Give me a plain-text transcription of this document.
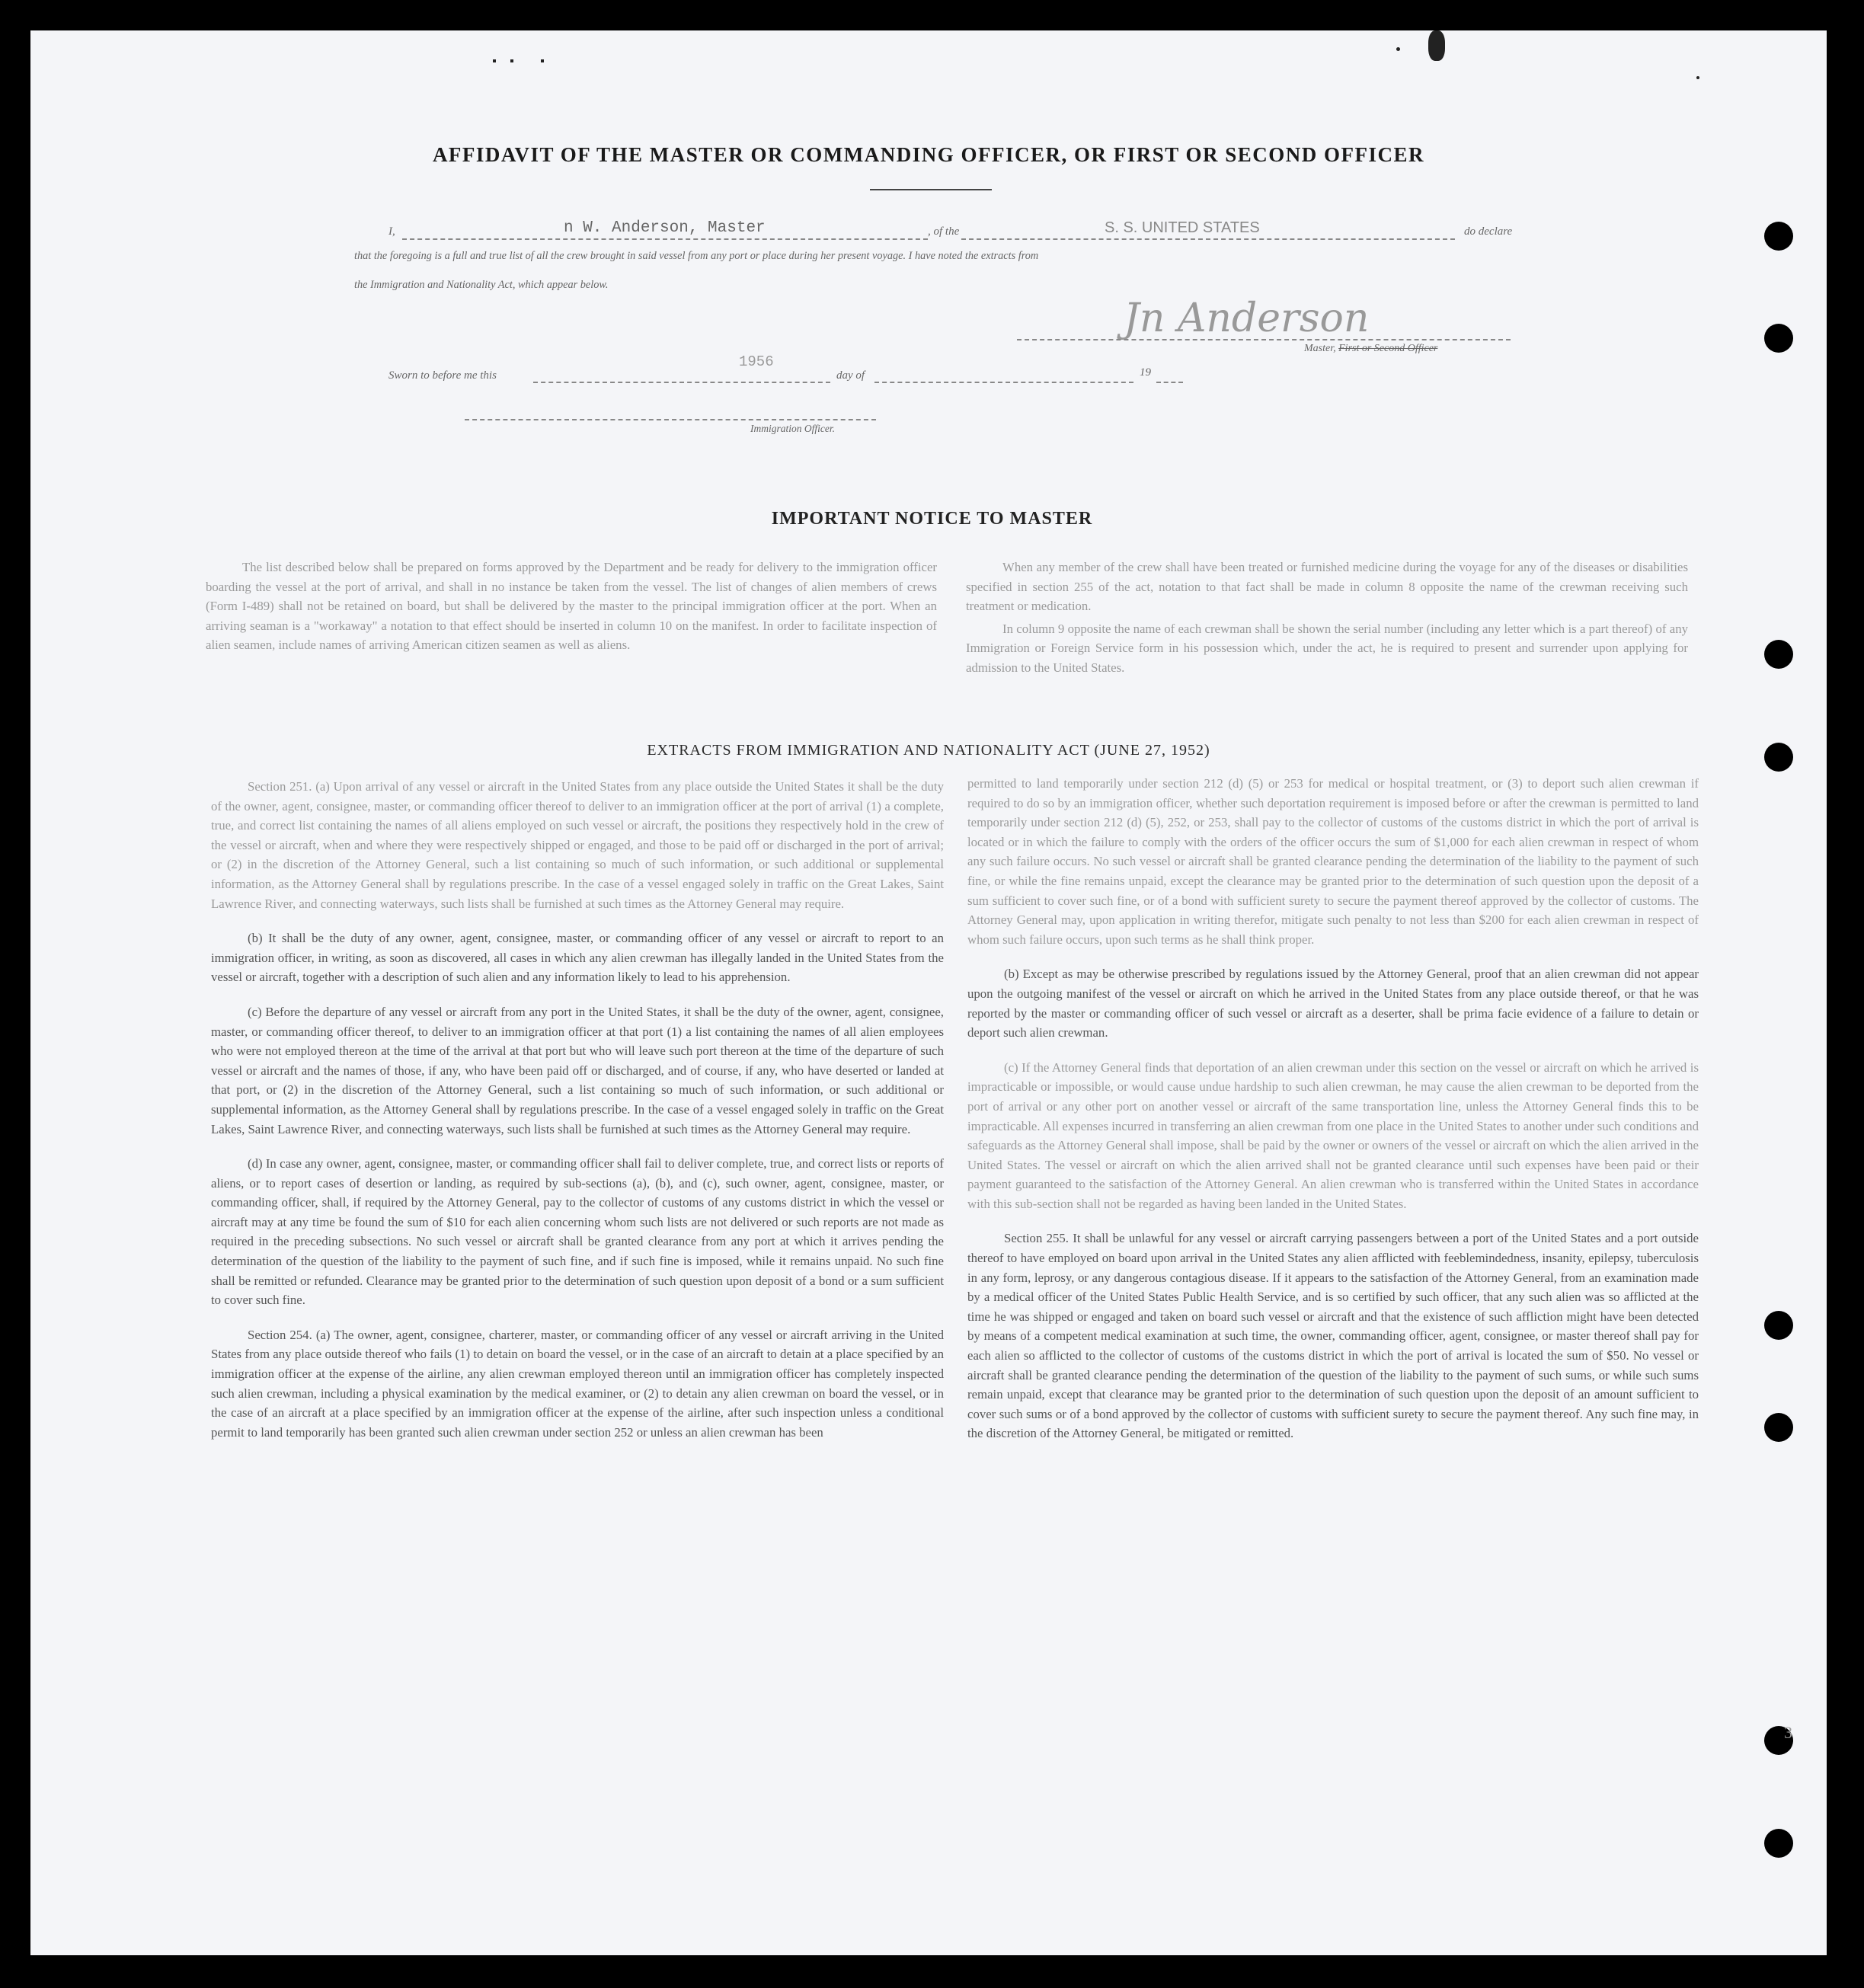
3
AFFIDAVIT OF THE MASTER OR COMMANDING OFFICER, OR FIRST OR SECOND OFFICER
I,	n W. Anderson, Master	, of the	S. S. UNITED STATES	do declare
that the foregoing is a full and true list of all the crew brought in said vessel from any port or place during her present voyage. I have noted the extracts from
the Immigration and Nationality Act, which appear below.
Jn Anderson
Master, First or Second Officer
Sworn to before me this
1956
day of	19
Immigration Officer.
IMPORTANT NOTICE TO MASTER

The list described below shall be prepared on forms approved by the Department and be ready for delivery to the immigration officer boarding the vessel at the port of arrival, and shall in no instance be taken from the vessel. The list of changes of alien members of crews (Form I-489) shall not be retained on board, but shall be delivered by the master to the principal immigration officer at the port. When an arriving seaman is a "workaway" a notation to that effect should be inserted in column 10 on the manifest. In order to facilitate inspection of alien seamen, include names of arriving American citizen seamen as well as aliens.

When any member of the crew shall have been treated or furnished medicine during the voyage for any of the diseases or disabilities specified in section 255 of the act, notation to that fact shall be made in column 8 opposite the name of the crewman receiving such treatment or medication.

In column 9 opposite the name of each crewman shall be shown the serial number (including any letter which is a part thereof) of any Immigration or Foreign Service form in his possession which, under the act, he is required to present and surrender upon applying for admission to the United States.

EXTRACTS FROM IMMIGRATION AND NATIONALITY ACT (JUNE 27, 1952)

Section 251. (a) Upon arrival of any vessel or aircraft in the United States from any place outside the United States it shall be the duty of the owner, agent, consignee, master, or commanding officer thereof to deliver to an immigration officer at the port of arrival (1) a complete, true, and correct list containing the names of all aliens employed on such vessel or aircraft, the positions they respectively hold in the crew of the vessel or aircraft, when and where they were respectively shipped or engaged, and those to be paid off or discharged in the port of arrival; or (2) in the discretion of the Attorney General, such a list containing so much of such information, or such additional or supplemental information, as the Attorney General shall by regulations prescribe. In the case of a vessel engaged solely in traffic on the Great Lakes, Saint Lawrence River, and connecting waterways, such lists shall be furnished at such times as the Attorney General may require.

(b) It shall be the duty of any owner, agent, consignee, master, or commanding officer of any vessel or aircraft to report to an immigration officer, in writing, as soon as discovered, all cases in which any alien crewman has illegally landed in the United States from the vessel or aircraft, together with a description of such alien and any information likely to lead to his apprehension.

(c) Before the departure of any vessel or aircraft from any port in the United States, it shall be the duty of the owner, agent, consignee, master, or commanding officer thereof, to deliver to an immigration officer at that port (1) a list containing the names of all alien employees who were not employed thereon at the time of the arrival at that port but who will leave such port thereon at the time of the departure of such vessel or aircraft and the names of those, if any, who have been paid off or discharged, and of course, if any, who have deserted or landed at that port, or (2) in the discretion of the Attorney General, such a list containing so much of such information, or such additional or supplemental information, as the Attorney General shall by regulations prescribe. In the case of a vessel engaged solely in traffic on the Great Lakes, Saint Lawrence River, and connecting waterways, such lists shall be furnished at such times as the Attorney General may require.

(d) In case any owner, agent, consignee, master, or commanding officer shall fail to deliver complete, true, and correct lists or reports of aliens, or to report cases of desertion or landing, as required by sub-sections (a), (b), and (c), such owner, agent, consignee, master, or commanding officer, shall, if required by the Attorney General, pay to the collector of customs of any customs district in which the vessel or aircraft may at any time be found the sum of $10 for each alien concerning whom such lists are not delivered or such reports are not made as required in the preceding subsections. No such vessel or aircraft shall be granted clearance from any port at which it arrives pending the determination of the question of the liability to the payment of such fine, and if such fine is imposed, while it remains unpaid. No such fine shall be remitted or refunded. Clearance may be granted prior to the determination of such question upon deposit of a bond or a sum sufficient to cover such fine.

Section 254. (a) The owner, agent, consignee, charterer, master, or commanding officer of any vessel or aircraft arriving in the United States from any place outside thereof who fails (1) to detain on board the vessel, or in the case of an aircraft to detain at a place specified by an immigration officer at the expense of the airline, any alien crewman employed thereon until an immigration officer has completely inspected such alien crewman, including a physical examination by the medical examiner, or (2) to detain any alien crewman on board the vessel, or in the case of an aircraft at a place specified by an immigration officer at the expense of the airline, after such inspection unless a conditional permit to land temporarily has been granted such alien crewman under section 252 or unless an alien crewman has been

permitted to land temporarily under section 212 (d) (5) or 253 for medical or hospital treatment, or (3) to deport such alien crewman if required to do so by an immigration officer, whether such deportation requirement is imposed before or after the crewman is permitted to land temporarily under section 212 (d) (5), 252, or 253, shall pay to the collector of customs of the customs district in which the port of arrival is located or in which the failure to comply with the orders of the officer occurs the sum of $1,000 for each alien crewman in respect of whom any such failure occurs. No such vessel or aircraft shall be granted clearance pending the determination of the liability to the payment of such fine, or while the fine remains unpaid, except the clearance may be granted prior to the determination of such question upon the deposit of a sum sufficient to cover such fine, or of a bond with sufficient surety to secure the payment thereof approved by the collector of customs. The Attorney General may, upon application in writing therefor, mitigate such penalty to not less than $200 for each alien crewman in respect of whom such failure occurs, upon such terms as he shall think proper.

(b) Except as may be otherwise prescribed by regulations issued by the Attorney General, proof that an alien crewman did not appear upon the outgoing manifest of the vessel or aircraft on which he arrived in the United States from any place outside thereof, or that he was reported by the master or commanding officer of such vessel or aircraft as a deserter, shall be prima facie evidence of a failure to detain or deport such alien crewman.

(c) If the Attorney General finds that deportation of an alien crewman under this section on the vessel or aircraft on which he arrived is impracticable or impossible, or would cause undue hardship to such alien crewman, he may cause the alien crewman to be deported from the port of arrival or any other port on another vessel or aircraft of the same transportation line, unless the Attorney General finds this to be impracticable. All expenses incurred in transferring an alien crewman from one place in the United States to another under such conditions and safeguards as the Attorney General shall impose, shall be paid by the owner or owners of the vessel or aircraft on which the alien arrived in the United States. The vessel or aircraft on which the alien arrived shall not be granted clearance until such expenses have been paid or their payment guaranteed to the satisfaction of the Attorney General. An alien crewman who is transferred within the United States in accordance with this sub-section shall not be regarded as having been landed in the United States.

Section 255. It shall be unlawful for any vessel or aircraft carrying passengers between a port of the United States and a port outside thereof to have employed on board upon arrival in the United States any alien afflicted with feeblemindedness, insanity, epilepsy, tuberculosis in any form, leprosy, or any dangerous contagious disease. If it appears to the satisfaction of the Attorney General, from an examination made by a medical officer of the United States Public Health Service, and is so certified by such officer, that any such alien was so afflicted at the time he was shipped or engaged and taken on board such vessel or aircraft and that the existence of such affliction might have been detected by means of a competent medical examination at such time, the owner, commanding officer, agent, consignee, or master thereof shall pay for each alien so afflicted to the collector of customs of the customs district in which the port of arrival is located the sum of $50. No vessel or aircraft shall be granted clearance pending the determination of the question of the liability to the payment of such sums, or while such sums remain unpaid, except that clearance may be granted prior to the determination of such question upon the deposit of an amount sufficient to cover such sums or of a bond approved by the collector of customs with sufficient surety to secure the payment thereof. Any such fine may, in the discretion of the Attorney General, be mitigated or remitted.
